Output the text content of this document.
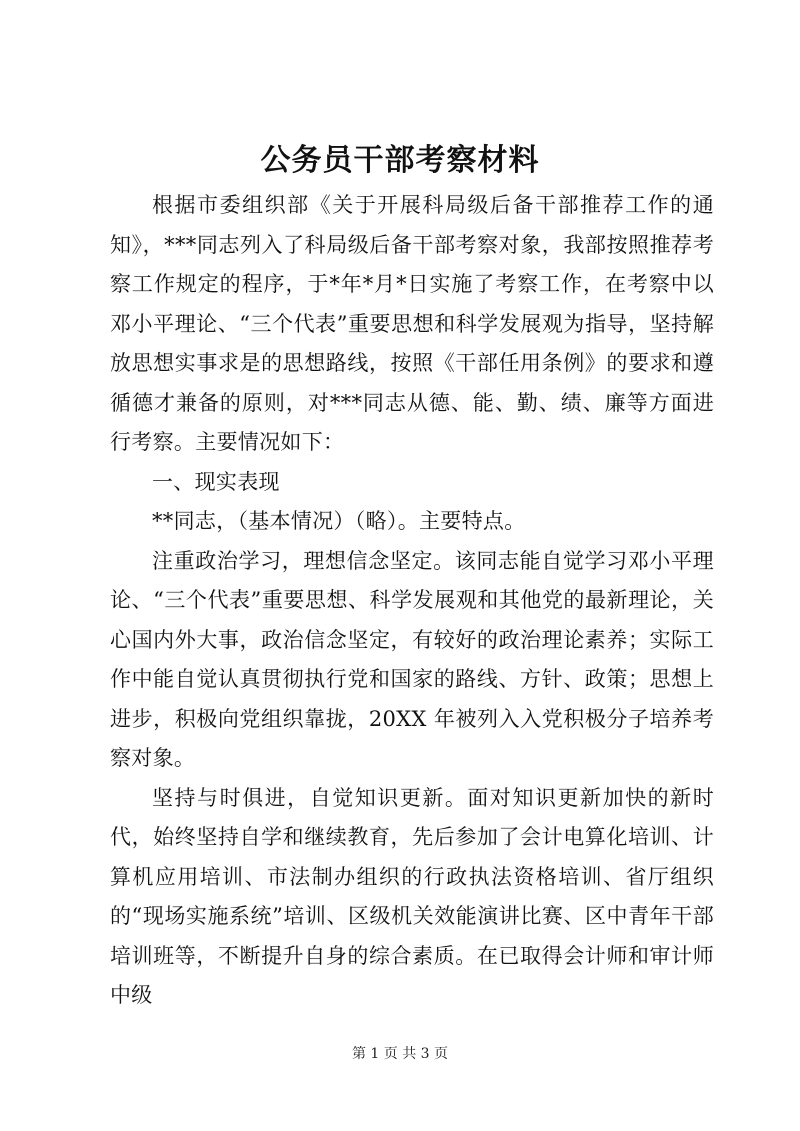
公务员干部考察材料

根据市委组织部《关于开展科局级后备干部推荐工作的通知》，***同志列入了科局级后备干部考察对象，我部按照推荐考察工作规定的程序，于*年*月*日实施了考察工作，在考察中以邓小平理论、“三个代表”重要思想和科学发展观为指导，坚持解放思想实事求是的思想路线，按照《干部任用条例》的要求和遵循德才兼备的原则，对***同志从德、能、勤、绩、廉等方面进行考察。主要情况如下：

一、现实表现

**同志，（基本情况）（略）。主要特点。

注重政治学习，理想信念坚定。该同志能自觉学习邓小平理论、“三个代表”重要思想、科学发展观和其他党的最新理论，关心国内外大事，政治信念坚定，有较好的政治理论素养；实际工作中能自觉认真贯彻执行党和国家的路线、方针、政策；思想上进步，积极向党组织靠拢，20XX 年被列入入党积极分子培养考察对象。

坚持与时俱进，自觉知识更新。面对知识更新加快的新时代，始终坚持自学和继续教育，先后参加了会计电算化培训、计算机应用培训、市法制办组织的行政执法资格培训、省厅组织的“现场实施系统”培训、区级机关效能演讲比赛、区中青年干部培训班等，不断提升自身的综合素质。在已取得会计师和审计师中级

第 1 页 共 3 页
